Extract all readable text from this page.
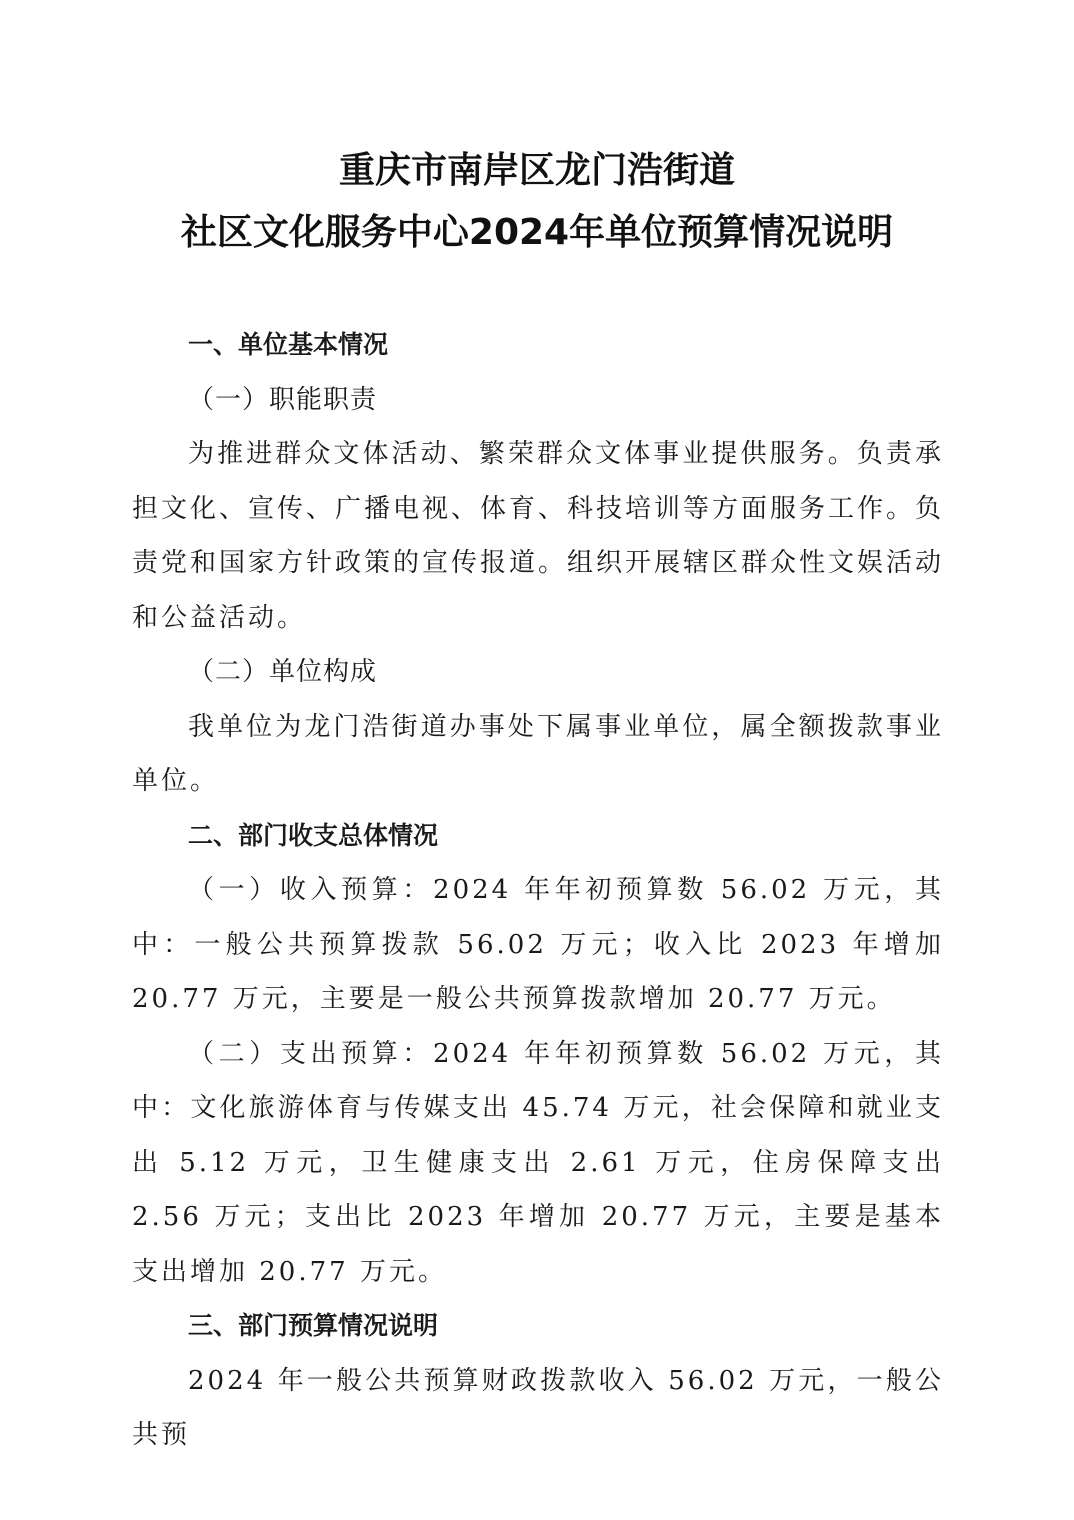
重庆市南岸区龙门浩街道
社区文化服务中心2024年单位预算情况说明

一、单位基本情况

（一）职能职责

为推进群众文体活动、繁荣群众文体事业提供服务。负责承担文化、宣传、广播电视、体育、科技培训等方面服务工作。负责党和国家方针政策的宣传报道。组织开展辖区群众性文娱活动和公益活动。

（二）单位构成

我单位为龙门浩街道办事处下属事业单位，属全额拨款事业单位。

二、部门收支总体情况

（一）收入预算：2024 年年初预算数 56.02 万元，其中：一般公共预算拨款 56.02 万元；收入比 2023 年增加 20.77 万元，主要是一般公共预算拨款增加 20.77 万元。

（二）支出预算：2024 年年初预算数 56.02 万元，其中：文化旅游体育与传媒支出 45.74 万元，社会保障和就业支出 5.12 万元，卫生健康支出 2.61 万元，住房保障支出 2.56 万元；支出比 2023 年增加 20.77 万元，主要是基本支出增加 20.77 万元。

三、部门预算情况说明

2024 年一般公共预算财政拨款收入 56.02 万元，一般公共预
